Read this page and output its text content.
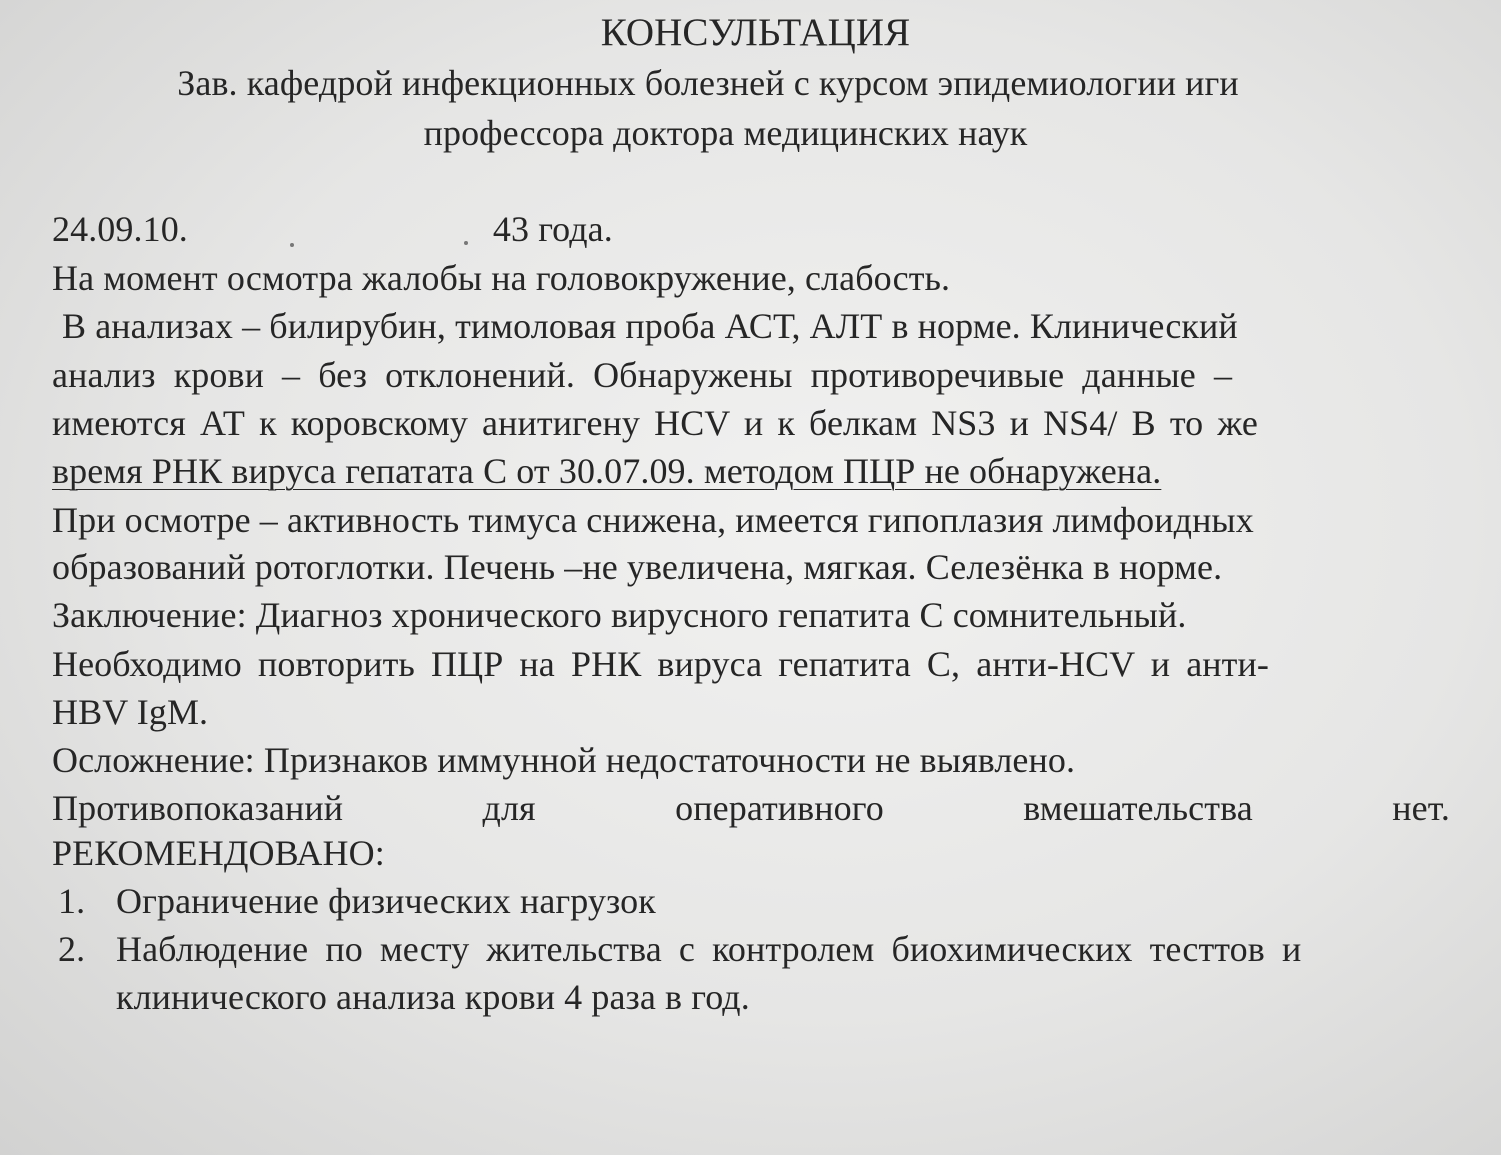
КОНСУЛЬТАЦИЯ

Зав. кафедрой инфекционных болезней с курсом эпидемиологии иги

профессора доктора медицинских наук

24.09.10.	43 года.

На момент осмотра жалобы на головокружение, слабость.

В анализах – билирубин, тимоловая проба АСТ, АЛТ в норме. Клинический

анализ крови – без отклонений. Обнаружены противоречивые данные –

имеются АТ к коровскому анитигену HCV и к белкам NS3 и NS4/ В то же

время РНК вируса гепатата С от 30.07.09. методом ПЦР не обнаружена.

При осмотре – активность тимуса снижена, имеется гипоплазия лимфоидных

образований ротоглотки. Печень –не увеличена, мягкая. Селезёнка в норме.

Заключение: Диагноз хронического вирусного гепатита С сомнительный.

Необходимо повторить ПЦР на РНК вируса гепатита С, анти-HCV и анти-

HBV IgM.

Осложнение: Признаков иммунной недостаточности не выявлено.

Противопоказаний	для	оперативного	вмешательства	нет.

РЕКОМЕНДОВАНО:

1. Ограничение физических нагрузок

2. Наблюдение по месту жительства с контролем биохимических тесттов и

клинического анализа крови 4 раза в год.
